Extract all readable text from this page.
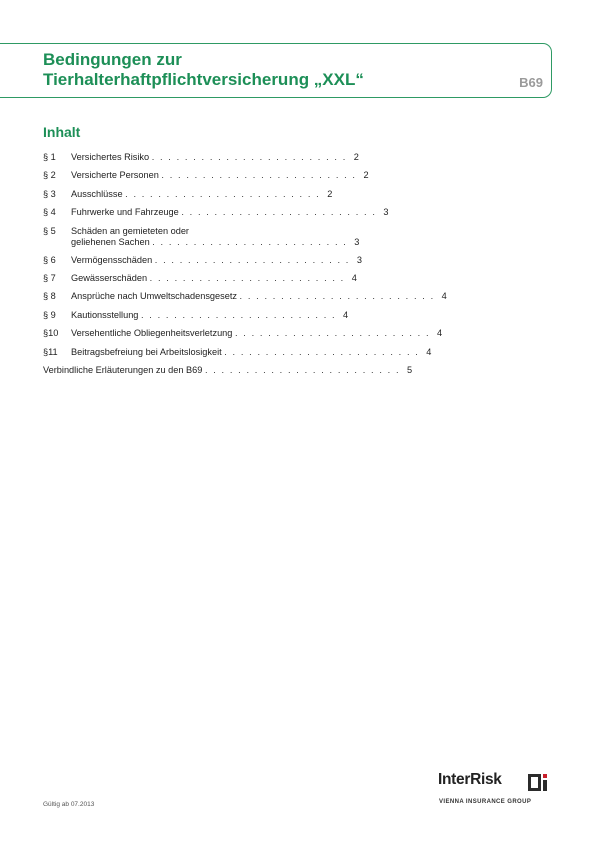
Bedingungen zur
Tierhalterhaftpflichtversicherung „XXL“	B69
Inhalt
§ 1	Versichertes Risiko . . . . . . . . . . . . . . . . . . . . . . . . 2
§ 2	Versicherte Personen . . . . . . . . . . . . . . . . . . . . . . . . 2
§ 3	Ausschlüsse . . . . . . . . . . . . . . . . . . . . . . . . 2
§ 4	Fuhrwerke und Fahrzeuge . . . . . . . . . . . . . . . . . . . . . . . . 3
§ 5	Schäden an gemieteten oder
geliehenen Sachen . . . . . . . . . . . . . . . . . . . . . . . . 3
§ 6	Vermögensschäden . . . . . . . . . . . . . . . . . . . . . . . . 3
§ 7	Gewässerschäden . . . . . . . . . . . . . . . . . . . . . . . . 4
§ 8	Ansprüche nach Umweltschadensgesetz . . . . . . . . . . . . . . . . . . . . . . . . 4
§ 9	Kautionsstellung . . . . . . . . . . . . . . . . . . . . . . . . 4
§10	Versehentliche Obliegenheitsverletzung . . . . . . . . . . . . . . . . . . . . . . . . 4
§11	Beitragsbefreiung bei Arbeitslosigkeit . . . . . . . . . . . . . . . . . . . . . . . . 4
Verbindliche Erläuterungen zu den B69 . . . . . . . . . . . . . . . . . . . . . . . . 5
Gültig ab 07.2013
InterRisk
VIENNA INSURANCE GROUP
